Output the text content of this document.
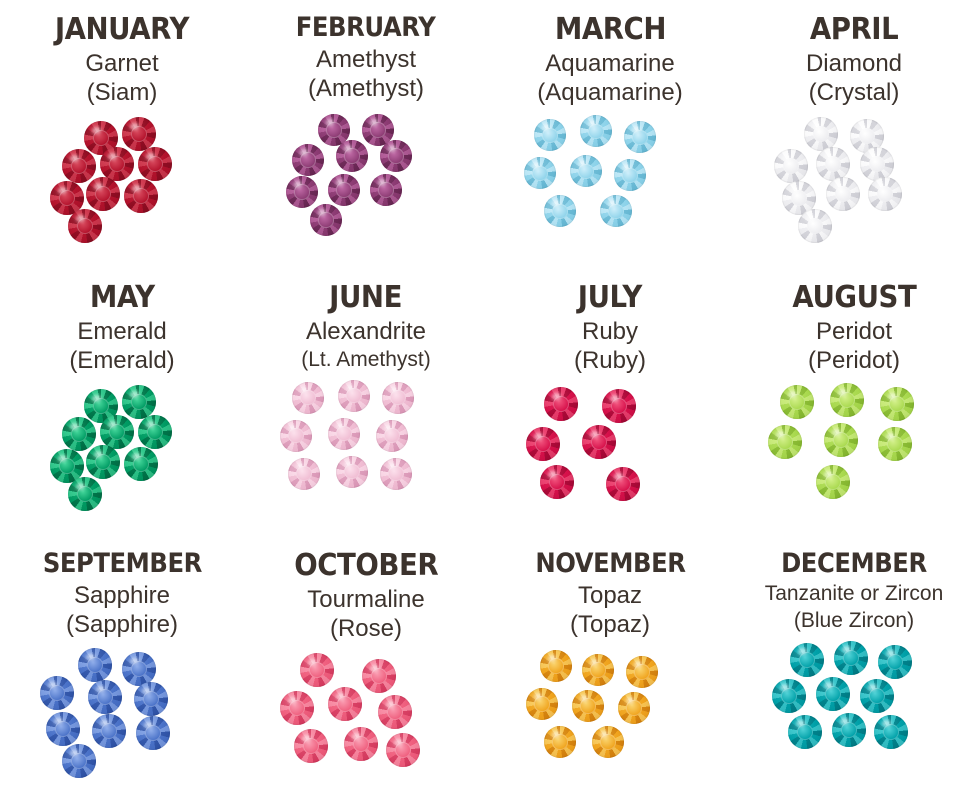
JANUARY
Garnet
(Siam)
FEBRUARY
Amethyst
(Amethyst)
MARCH
Aquamarine
(Aquamarine)
APRIL
Diamond
(Crystal)
MAY
Emerald
(Emerald)
JUNE
Alexandrite
(Lt. Amethyst)
JULY
Ruby
(Ruby)
AUGUST
Peridot
(Peridot)
SEPTEMBER
Sapphire
(Sapphire)
OCTOBER
Tourmaline
(Rose)
NOVEMBER
Topaz
(Topaz)
DECEMBER
Tanzanite or Zircon
(Blue Zircon)
